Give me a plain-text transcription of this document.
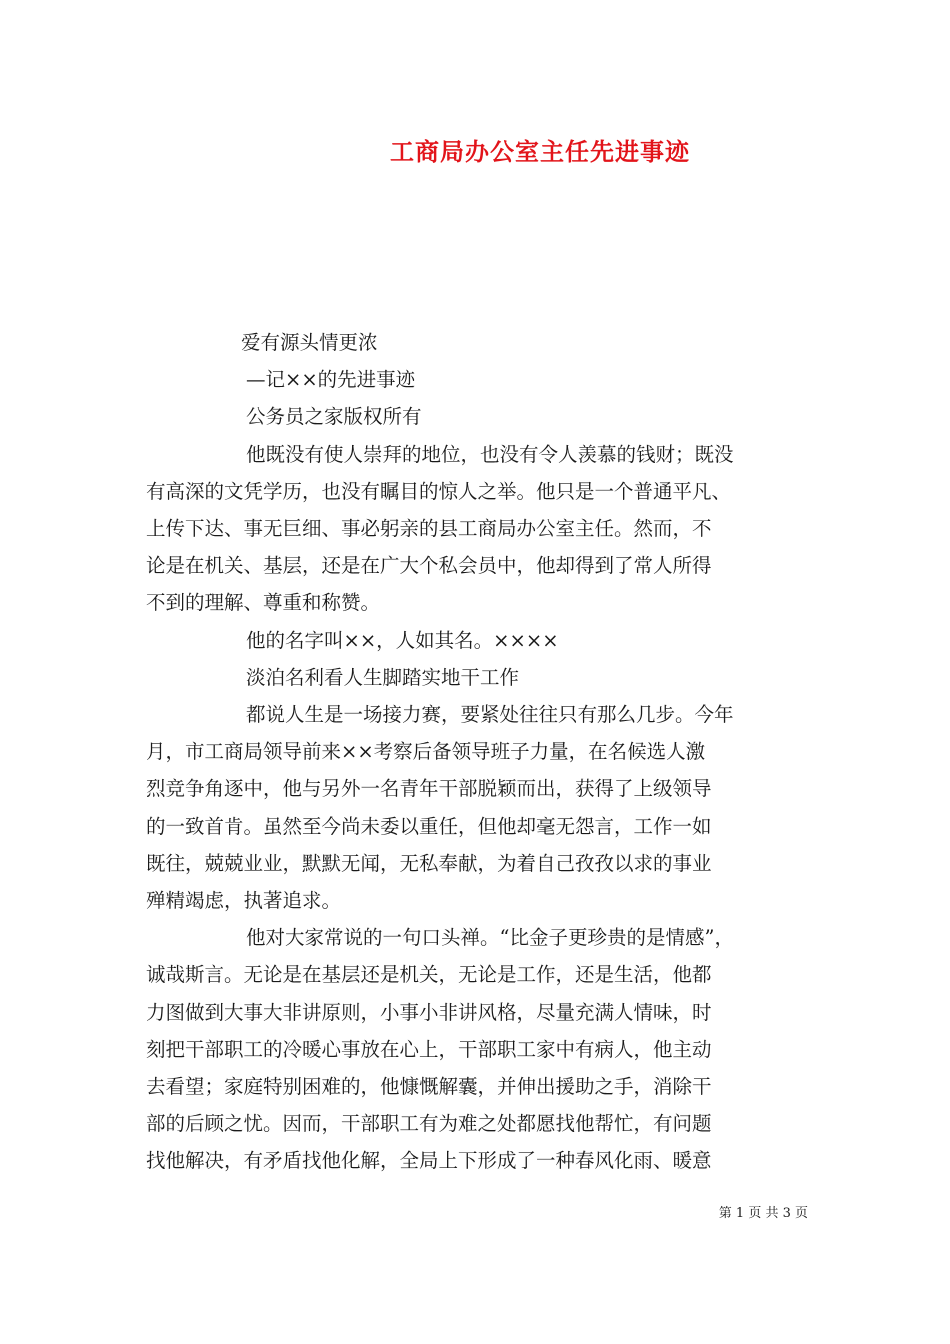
工商局办公室主任先进事迹
爱有源头情更浓
—记××的先进事迹
公务员之家版权所有
他既没有使人崇拜的地位，也没有令人羡慕的钱财；既没
有高深的文凭学历，也没有瞩目的惊人之举。他只是一个普通平凡、
上传下达、事无巨细、事必躬亲的县工商局办公室主任。然而，不
论是在机关、基层，还是在广大个私会员中，他却得到了常人所得
不到的理解、尊重和称赞。
他的名字叫××，人如其名。××××
淡泊名利看人生脚踏实地干工作
都说人生是一场接力赛，要紧处往往只有那么几步。今年
月，市工商局领导前来××考察后备领导班子力量，在名候选人激
烈竞争角逐中，他与另外一名青年干部脱颖而出，获得了上级领导
的一致首肯。虽然至今尚未委以重任，但他却毫无怨言，工作一如
既往，兢兢业业，默默无闻，无私奉献，为着自己孜孜以求的事业
殚精竭虑，执著追求。
他对大家常说的一句口头禅。“比金子更珍贵的是情感”，
诚哉斯言。无论是在基层还是机关，无论是工作，还是生活，他都
力图做到大事大非讲原则，小事小非讲风格，尽量充满人情味，时
刻把干部职工的冷暖心事放在心上，干部职工家中有病人，他主动
去看望；家庭特别困难的，他慷慨解囊，并伸出援助之手，消除干
部的后顾之忧。因而，干部职工有为难之处都愿找他帮忙，有问题
找他解决，有矛盾找他化解，全局上下形成了一种春风化雨、暖意
第 1 页 共 3 页
